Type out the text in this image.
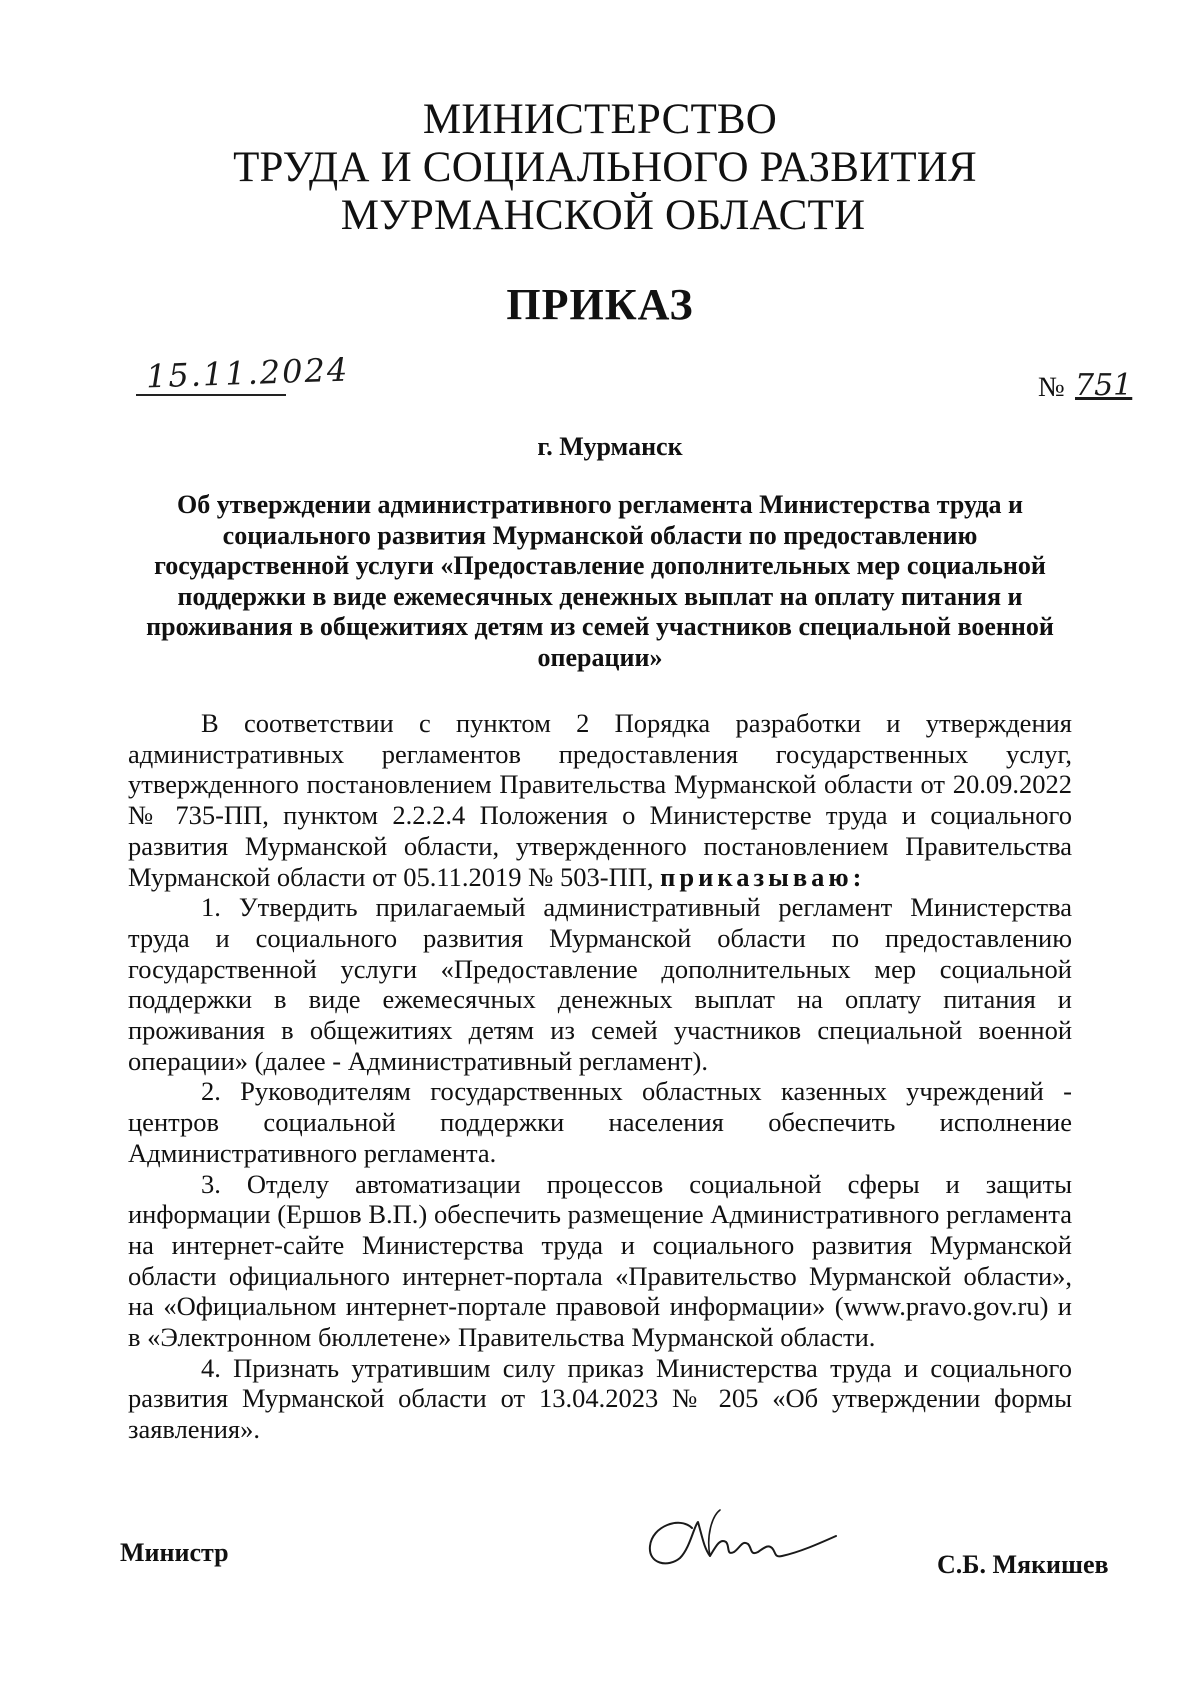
МИНИСТЕРСТВО
ТРУДА И СОЦИАЛЬНОГО РАЗВИТИЯ
МУРМАНСКОЙ ОБЛАСТИ
ПРИКАЗ
15.11.2024	№ 751
г. Мурманск
Об утверждении административного регламента Министерства труда и социального развития Мурманской области по предоставлению государственной услуги «Предоставление дополнительных мер социальной поддержки в виде ежемесячных денежных выплат на оплату питания и проживания в общежитиях детям из семей участников специальной военной операции»

В соответствии с пунктом 2 Порядка разработки и утверждения административных регламентов предоставления государственных услуг, утвержденного постановлением Правительства Мурманской области от 20.09.2022 № 735-ПП, пунктом 2.2.2.4 Положения о Министерстве труда и социального развития Мурманской области, утвержденного постановлением Правительства Мурманской области от 05.11.2019 № 503-ПП, приказываю:

1. Утвердить прилагаемый административный регламент Министерства труда и социального развития Мурманской области по предоставлению государственной услуги «Предоставление дополнительных мер социальной поддержки в виде ежемесячных денежных выплат на оплату питания и проживания в общежитиях детям из семей участников специальной военной операции» (далее - Административный регламент).

2. Руководителям государственных областных казенных учреждений - центров социальной поддержки населения обеспечить исполнение Административного регламента.

3. Отделу автоматизации процессов социальной сферы и защиты информации (Ершов В.П.) обеспечить размещение Административного регламента на интернет-сайте Министерства труда и социального развития Мурманской области официального интернет-портала «Правительство Мурманской области», на «Официальном интернет-портале правовой информации» (www.pravo.gov.ru) и в «Электронном бюллетене» Правительства Мурманской области.

4. Признать утратившим силу приказ Министерства труда и социального развития Мурманской области от 13.04.2023 № 205 «Об утверждении формы заявления».

Министр	С.Б. Мякишев
